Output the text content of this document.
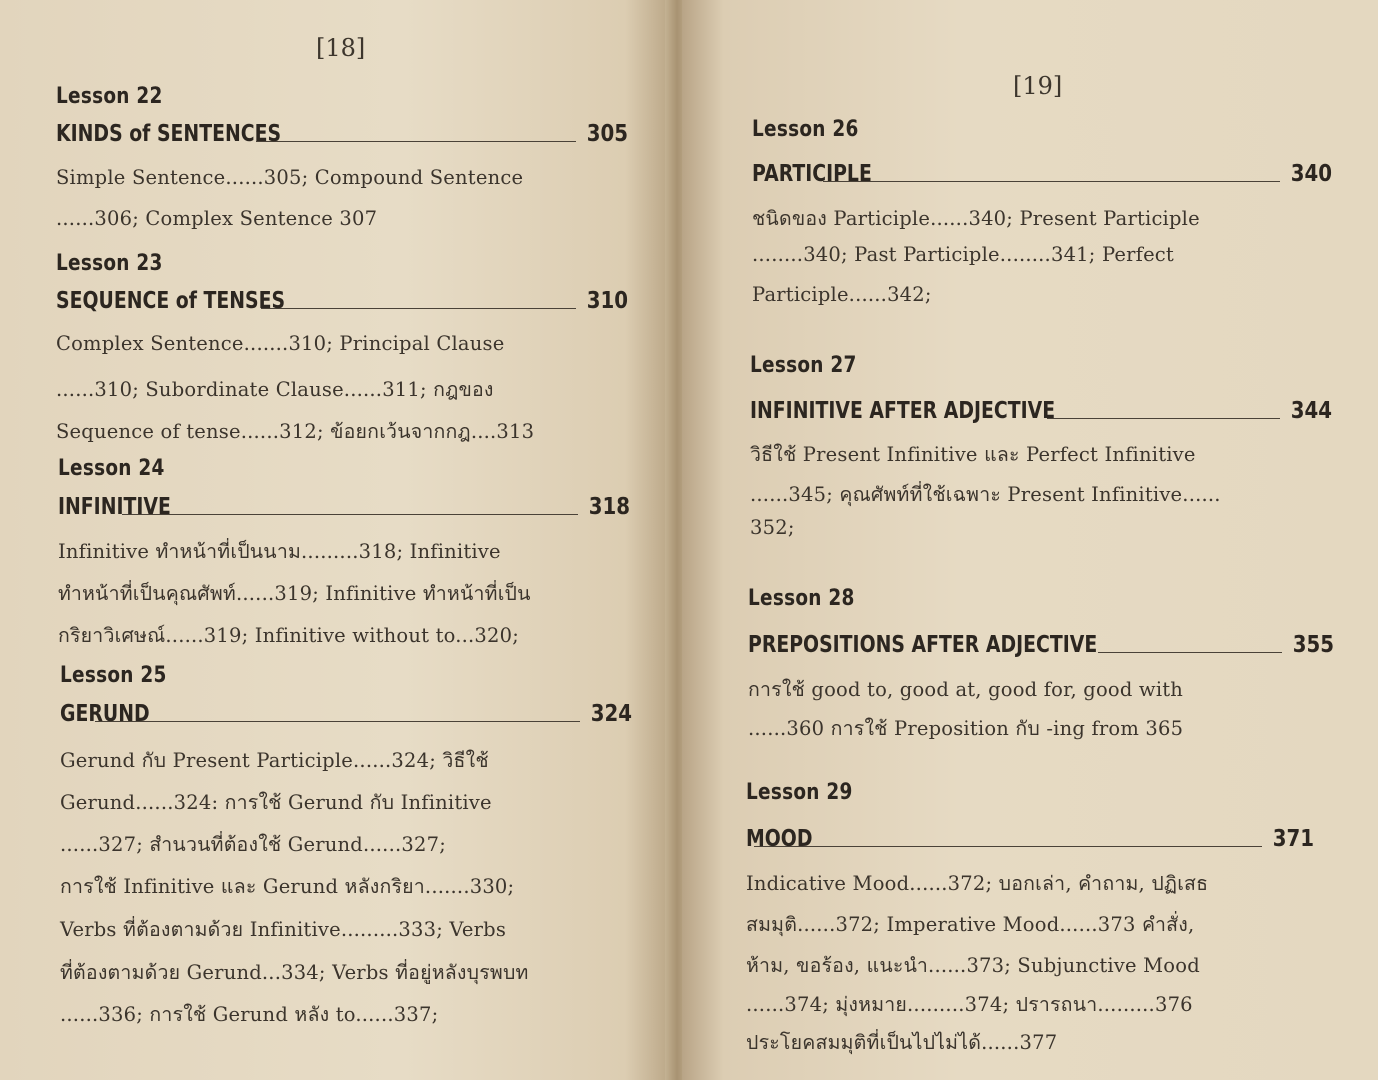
[18]
Lesson 22
KINDS of SENTENCES	305
Simple Sentence......305; Compound Sentence
......306; Complex Sentence 307
Lesson 23
SEQUENCE of TENSES	310
Complex Sentence.......310; Principal Clause
......310; Subordinate Clause......311; กฎของ
Sequence of tense......312; ข้อยกเว้นจากกฎ....313
Lesson 24
INFINITIVE	318
Infinitive ทำหน้าที่เป็นนาม.........318; Infinitive
ทำหน้าที่เป็นคุณศัพท์......319; Infinitive ทำหน้าที่เป็น
กริยาวิเศษณ์......319; Infinitive without to...320;
Lesson 25
GERUND	324
Gerund กับ Present Participle......324; วิธีใช้
Gerund......324: การใช้ Gerund กับ Infinitive
......327; สำนวนที่ต้องใช้ Gerund......327;
การใช้ Infinitive และ Gerund หลังกริยา.......330;
Verbs ที่ต้องตามด้วย Infinitive.........333; Verbs
ที่ต้องตามด้วย Gerund...334; Verbs ที่อยู่หลังบุรพบท
......336; การใช้ Gerund หลัง to......337;
[19]
Lesson 26
PARTICIPLE	340
ชนิดของ Participle......340; Present Participle
........340; Past Participle........341; Perfect
Participle......342;
Lesson 27
INFINITIVE AFTER ADJECTIVE	344
วิธีใช้ Present Infinitive และ Perfect Infinitive
......345; คุณศัพท์ที่ใช้เฉพาะ Present Infinitive......
352;
Lesson 28
PREPOSITIONS AFTER ADJECTIVE	355
การใช้ good to, good at, good for, good with
......360 การใช้ Preposition กับ -ing from 365
Lesson 29
MOOD	371
Indicative Mood......372; บอกเล่า, คำถาม, ปฏิเสธ
สมมุติ......372; Imperative Mood......373 คำสั่ง,
ห้าม, ขอร้อง, แนะนำ......373; Subjunctive Mood
......374; มุ่งหมาย.........374; ปรารถนา.........376
ประโยคสมมุติที่เป็นไปไม่ได้......377
